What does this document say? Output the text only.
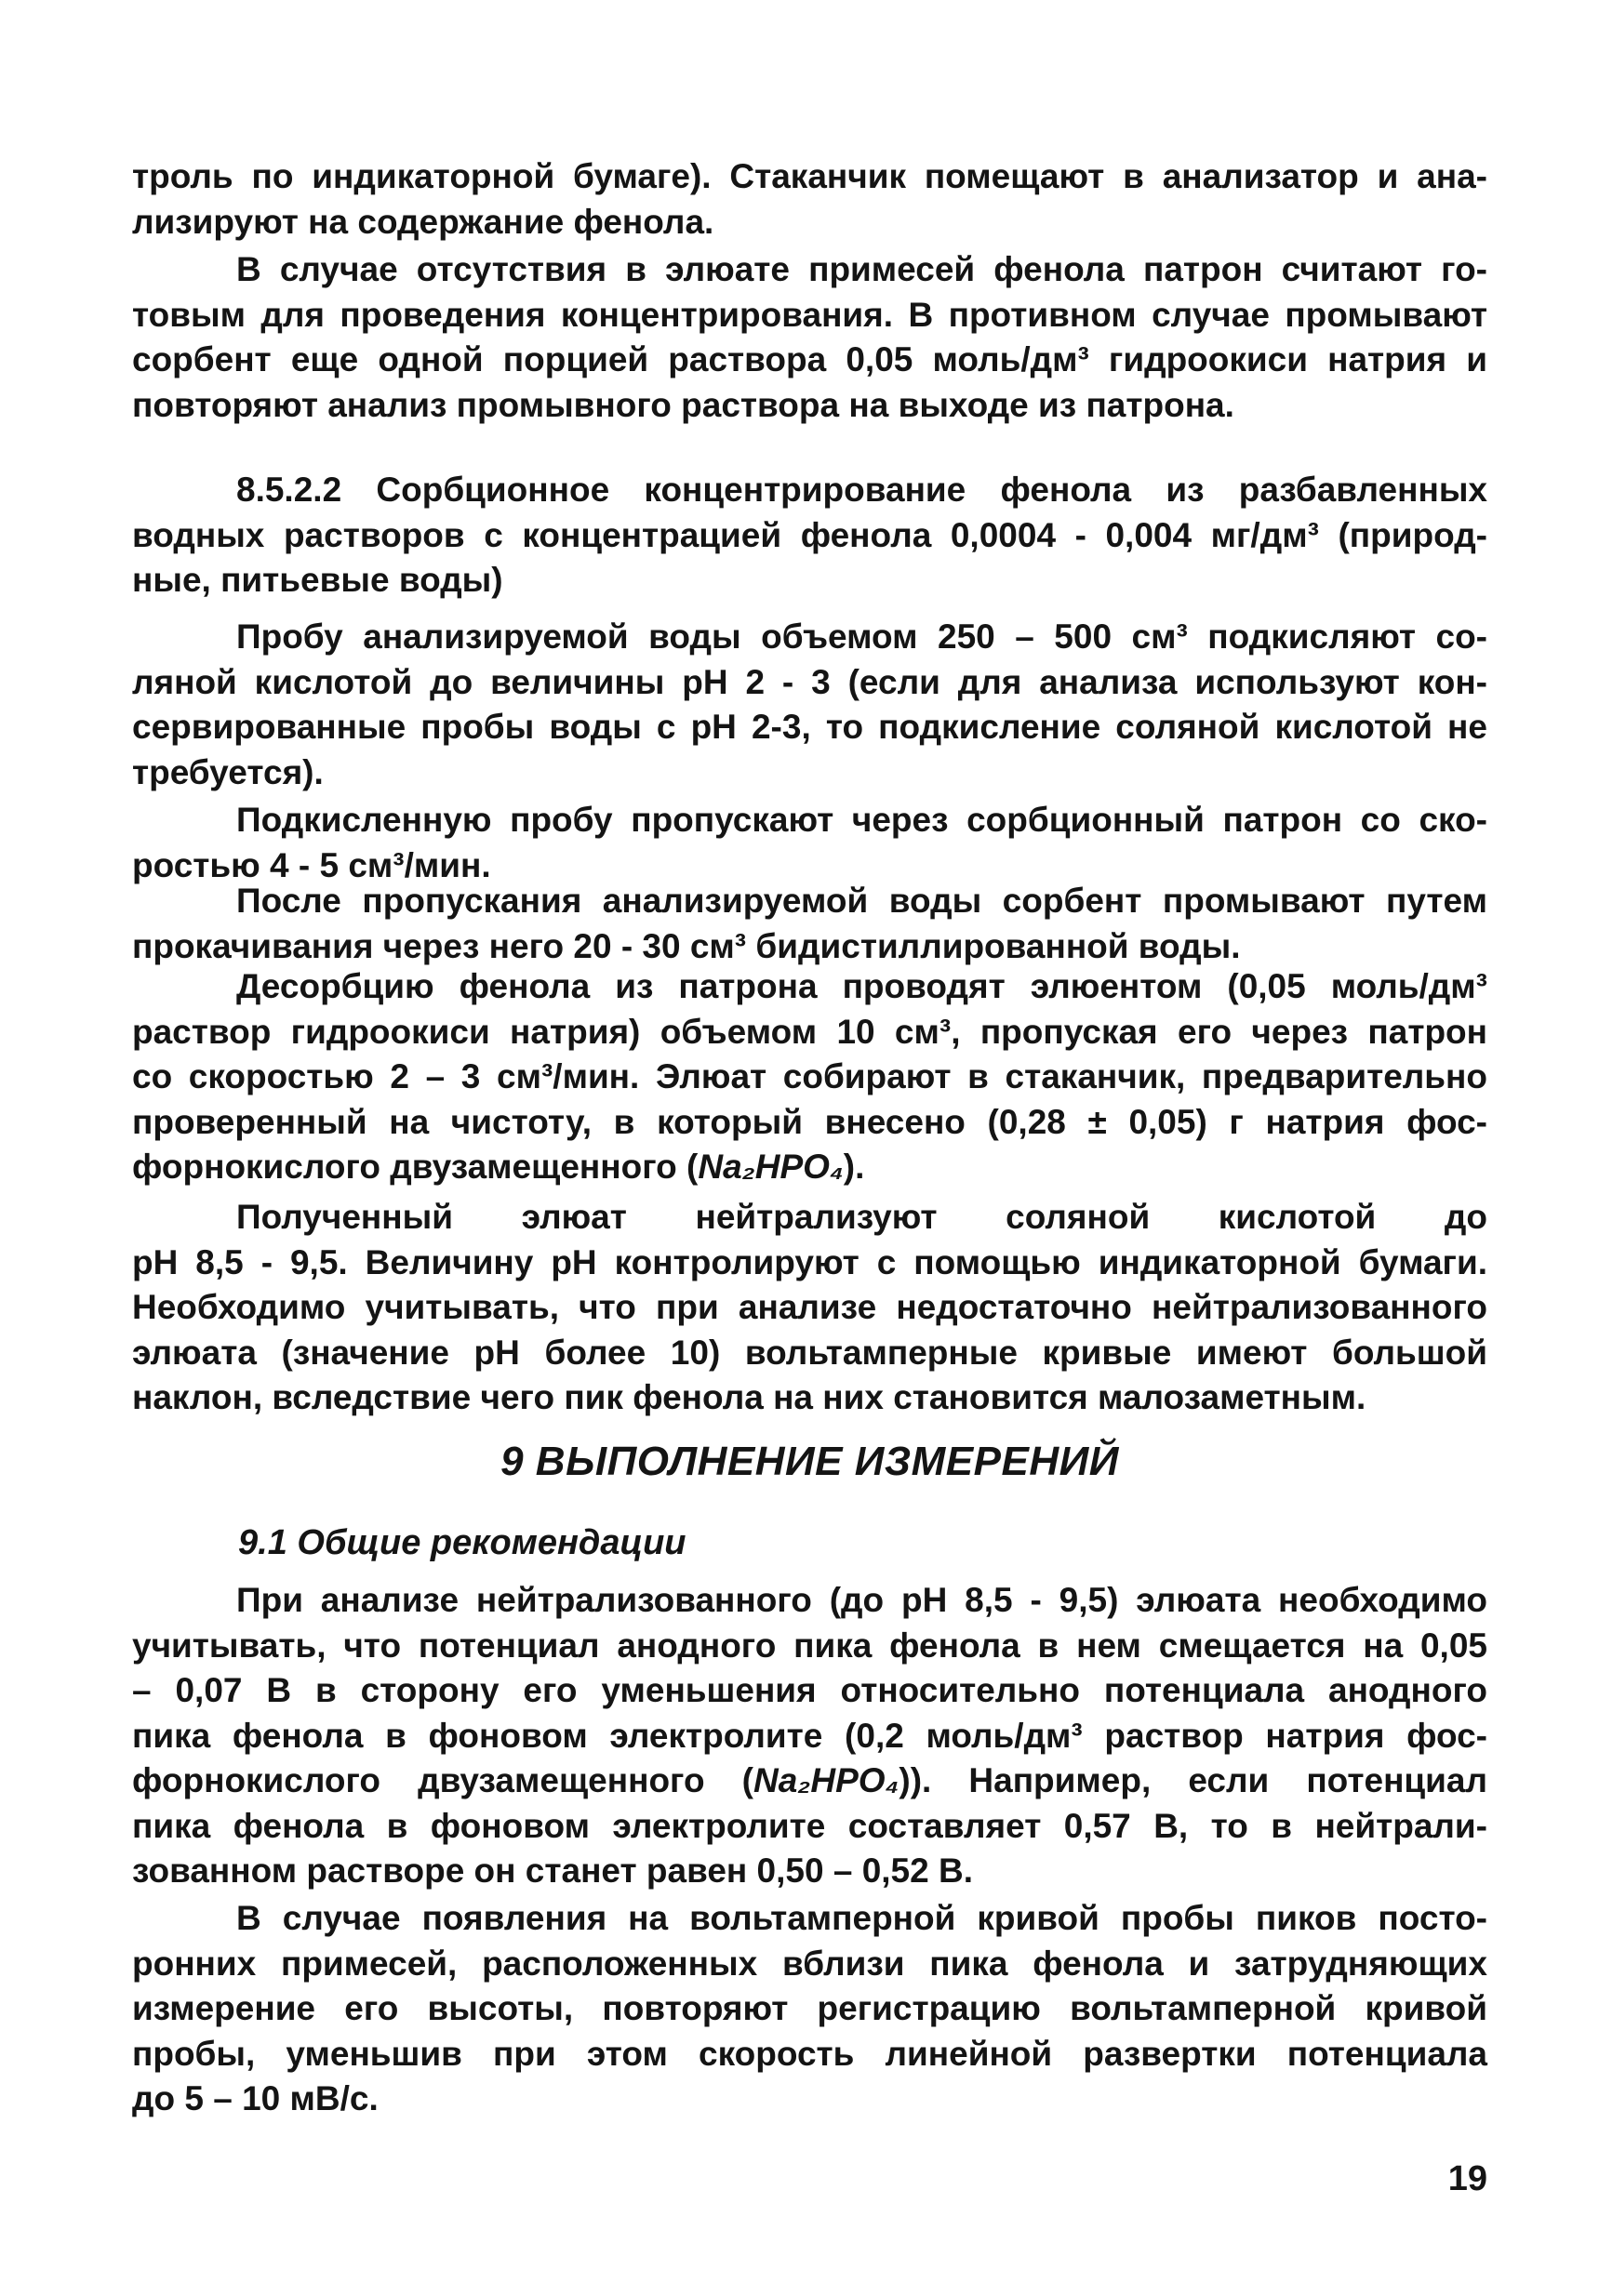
троль по индикаторной бумаге). Стаканчик помещают в анализатор и ана-
лизируют на содержание фенола.
В случае отсутствия в элюате примесей фенола патрон считают го-
товым для проведения концентрирования. В противном случае промывают
сорбент еще одной порцией раствора 0,05 моль/дм³ гидроокиси натрия и
повторяют анализ промывного раствора на выходе из патрона.
8.5.2.2 Сорбционное концентрирование фенола из разбавленных
водных растворов с концентрацией фенола 0,0004 - 0,004 мг/дм³ (природ-
ные, питьевые воды)
Пробу анализируемой воды объемом 250 – 500 см³ подкисляют со-
ляной кислотой до величины рН 2 - 3 (если для анализа используют кон-
сервированные пробы воды с рН 2-3, то подкисление соляной кислотой не
требуется).
Подкисленную пробу пропускают через сорбционный патрон со ско-
ростью 4 - 5 см³/мин.
После пропускания анализируемой воды сорбент промывают путем
прокачивания через него 20 - 30 см³ бидистиллированной воды.
Десорбцию фенола из патрона проводят элюентом (0,05 моль/дм³
раствор гидроокиси натрия) объемом 10 см³, пропуская его через патрон
со скоростью 2 – 3 см³/мин. Элюат собирают в стаканчик, предварительно
проверенный на чистоту, в который внесено (0,28 ± 0,05) г натрия фос-
форнокислого двузамещенного (Na₂HPO₄).
Полученный элюат нейтрализуют соляной кислотой до
рН 8,5 - 9,5. Величину рН контролируют с помощью индикаторной бумаги.
Необходимо учитывать, что при анализе недостаточно нейтрализованного
элюата (значение рН более 10) вольтамперные кривые имеют большой
наклон, вследствие чего пик фенола на них становится малозаметным.
9 ВЫПОЛНЕНИЕ ИЗМЕРЕНИЙ
9.1 Общие рекомендации
При анализе нейтрализованного (до рН 8,5 - 9,5) элюата необходимо
учитывать, что потенциал анодного пика фенола в нем смещается на 0,05
– 0,07 В в сторону его уменьшения относительно потенциала анодного
пика фенола в фоновом электролите (0,2 моль/дм³ раствор натрия фос-
форнокислого двузамещенного (Na₂HPO₄)). Например, если потенциал
пика фенола в фоновом электролите составляет 0,57 В, то в нейтрали-
зованном растворе он станет равен 0,50 – 0,52 В.
В случае появления на вольтамперной кривой пробы пиков посто-
ронних примесей, расположенных вблизи пика фенола и затрудняющих
измерение его высоты, повторяют регистрацию вольтамперной кривой
пробы, уменьшив при этом скорость линейной развертки потенциала
до 5 – 10 мВ/с.
19
